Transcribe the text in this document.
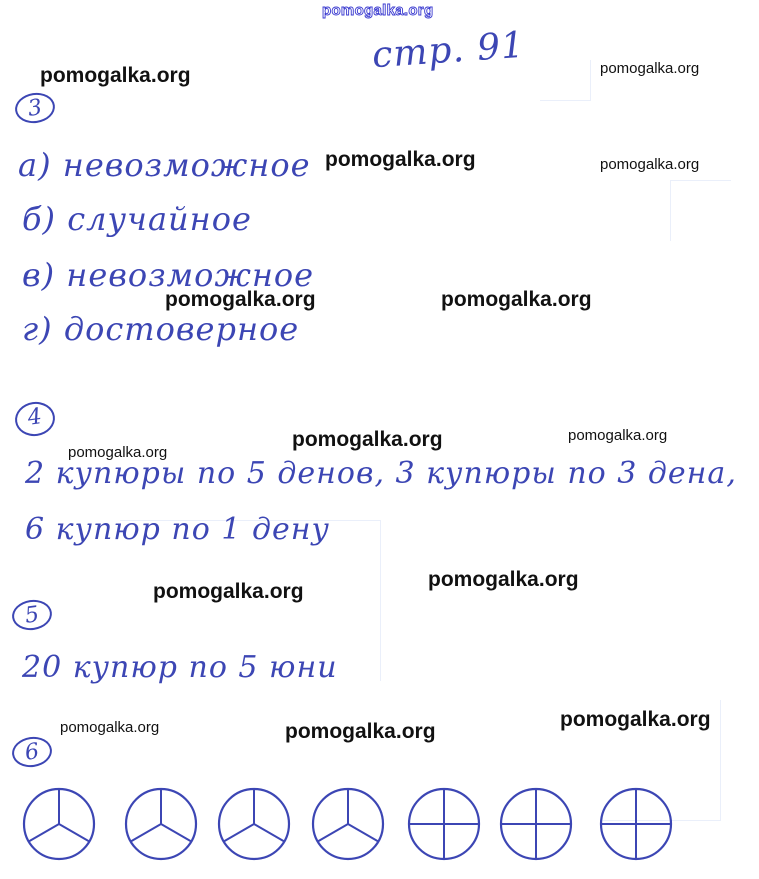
стр. 91
3
а) невозможное
б) случайное
в) невозможное
г) достоверное
4
2 купюры по 5 денов, 3 купюры по 3 дена,
6 купюр по 1 дену
5
20 купюр по 5 юни
6
pomogalka.org
pomogalka.org	pomogalka.org
pomogalka.org	pomogalka.org
pomogalka.org	pomogalka.org
pomogalka.org
pomogalka.org
pomogalka.org
pomogalka.org
pomogalka.org
pomogalka.org	pomogalka.org
pomogalka.org
